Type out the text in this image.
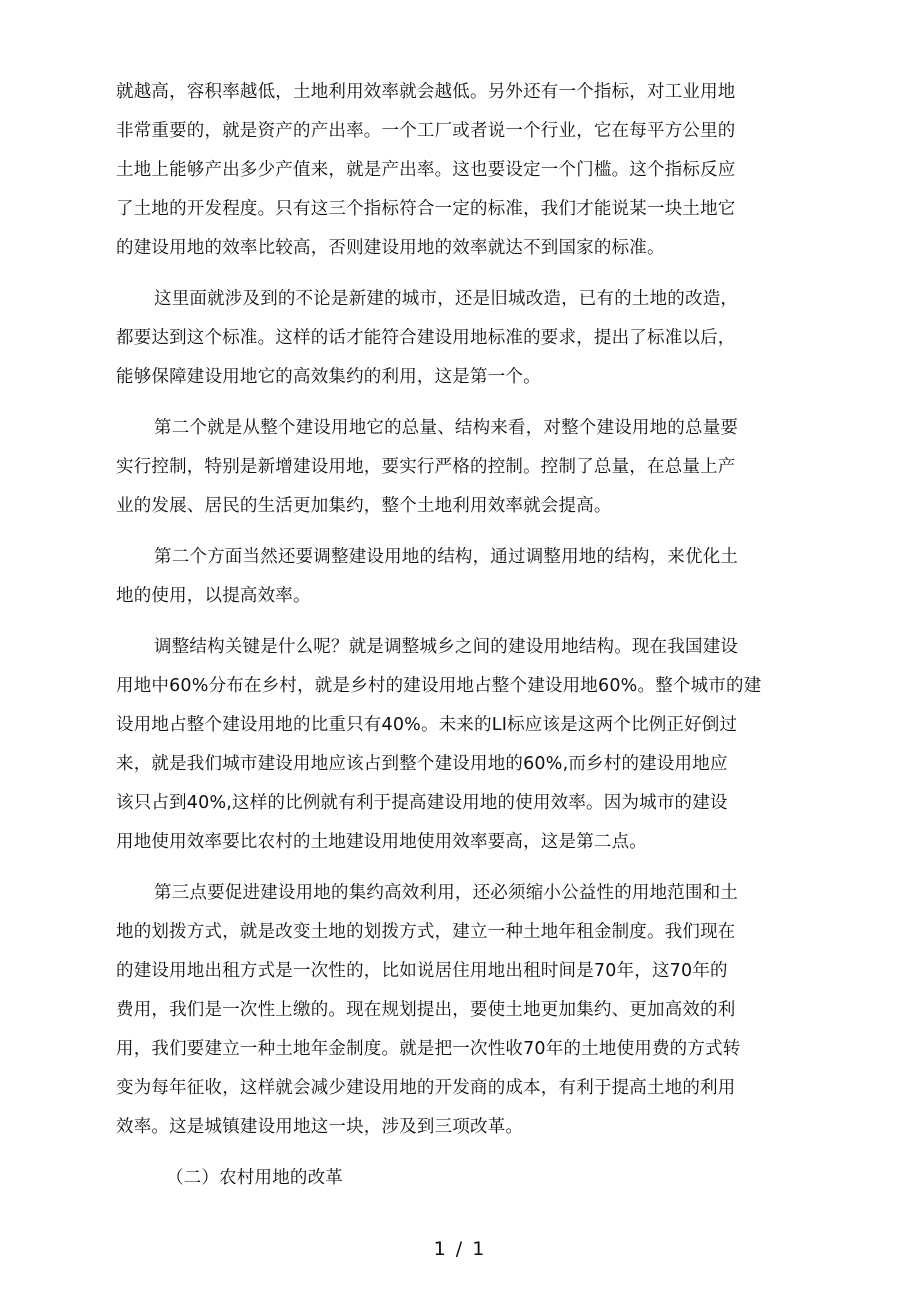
就越高，容积率越低，土地利用效率就会越低。另外还有一个指标，对工业用地
非常重要的，就是资产的产出率。一个工厂或者说一个行业，它在每平方公里的
土地上能够产出多少产值来，就是产出率。这也要设定一个门槛。这个指标反应
了土地的开发程度。只有这三个指标符合一定的标准，我们才能说某一块土地它
的建设用地的效率比较高，否则建设用地的效率就达不到国家的标准。
这里面就涉及到的不论是新建的城市，还是旧城改造，已有的土地的改造，
都要达到这个标准。这样的话才能符合建设用地标准的要求，提出了标准以后，
能够保障建设用地它的高效集约的利用，这是第一个。
第二个就是从整个建设用地它的总量、结构来看，对整个建设用地的总量要
实行控制，特别是新增建设用地，要实行严格的控制。控制了总量，在总量上产
业的发展、居民的生活更加集约，整个土地利用效率就会提高。
第二个方面当然还要调整建设用地的结构，通过调整用地的结构，来优化土
地的使用，以提高效率。
调整结构关键是什么呢？就是调整城乡之间的建设用地结构。现在我国建设
用地中60%分布在乡村，就是乡村的建设用地占整个建设用地60%。整个城市的建
设用地占整个建设用地的比重只有40%。未来的LI标应该是这两个比例正好倒过
来，就是我们城市建设用地应该占到整个建设用地的60%,而乡村的建设用地应
该只占到40%,这样的比例就有利于提高建设用地的使用效率。因为城市的建设
用地使用效率要比农村的土地建设用地使用效率要高，这是第二点。
第三点要促进建设用地的集约高效利用，还必须缩小公益性的用地范围和土
地的划拨方式，就是改变土地的划拨方式，建立一种土地年租金制度。我们现在
的建设用地出租方式是一次性的，比如说居住用地出租时间是70年，这70年的
费用，我们是一次性上缴的。现在规划提出，要使土地更加集约、更加高效的利
用，我们要建立一种土地年金制度。就是把一次性收70年的土地使用费的方式转
变为每年征收，这样就会减少建设用地的开发商的成本，有利于提高土地的利用
效率。这是城镇建设用地这一块，涉及到三项改革。
（二）农村用地的改革
1 / 1
